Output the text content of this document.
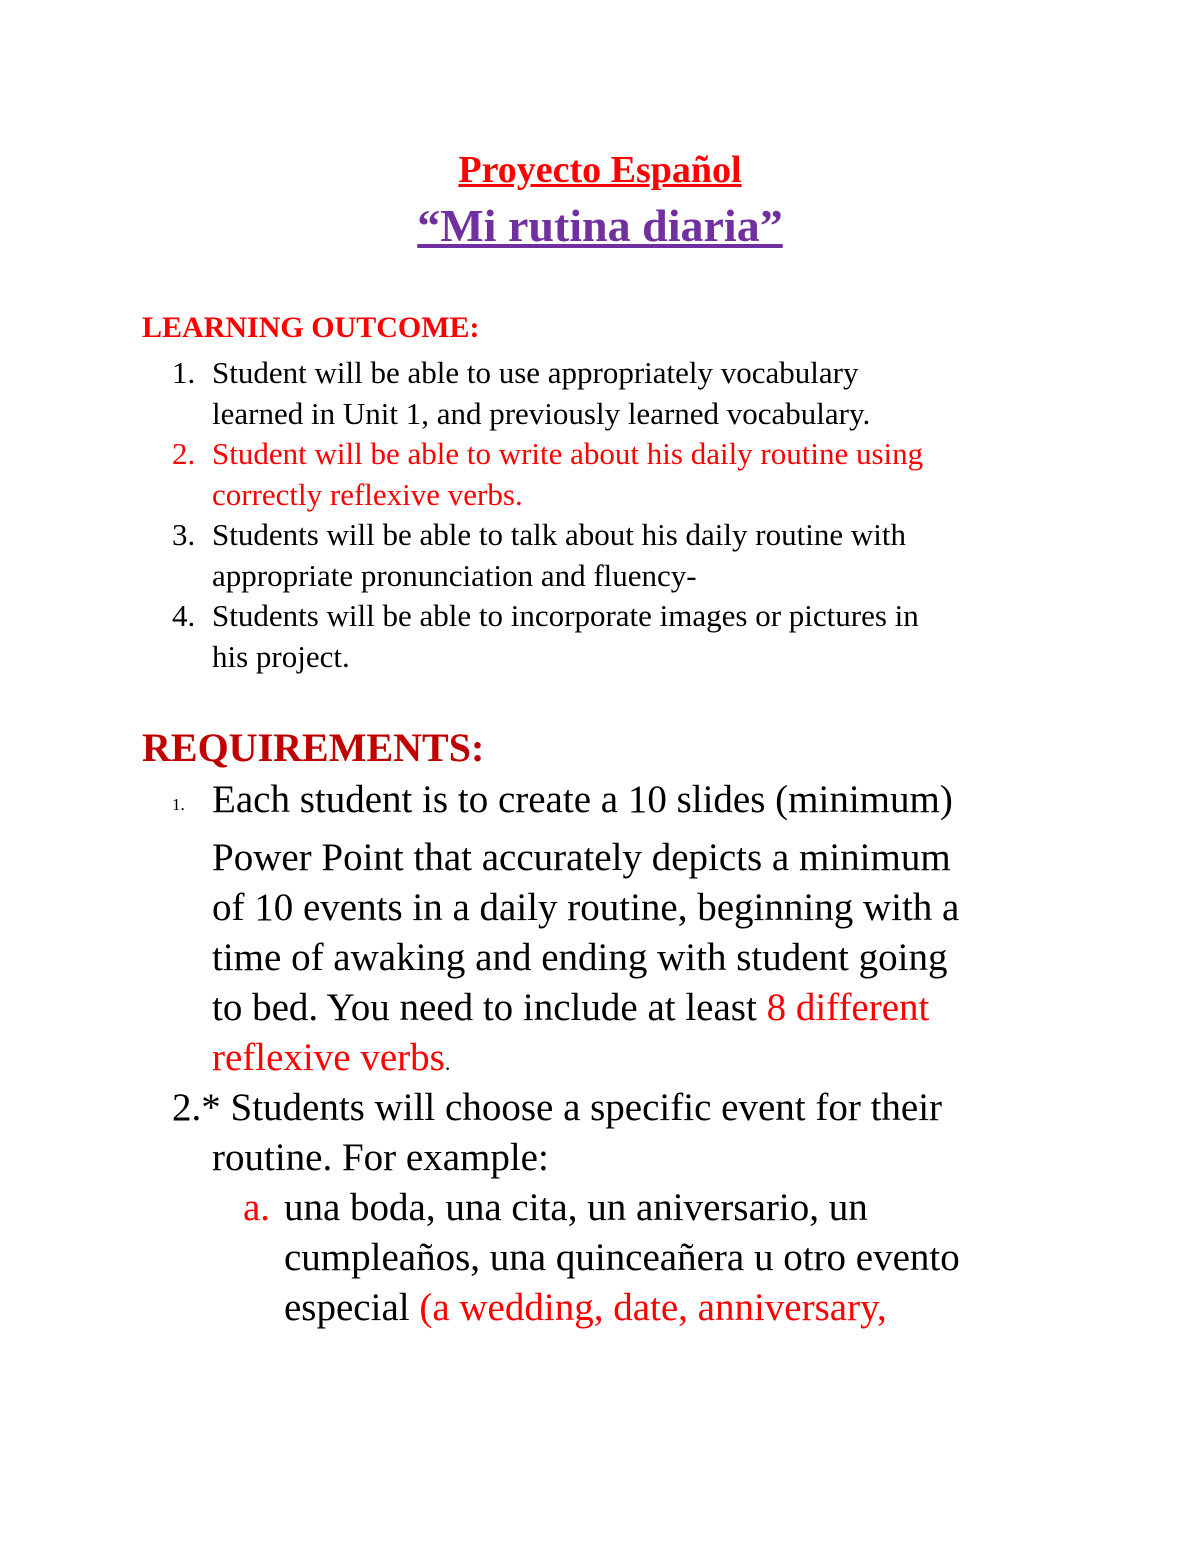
Proyecto Español
“Mi rutina diaria”
LEARNING OUTCOME:
1. Student will be able to use appropriately vocabulary
learned in Unit 1, and previously learned vocabulary.
2. Student will be able to write about his daily routine using
correctly reflexive verbs.
3. Students will be able to talk about his daily routine with
appropriate pronunciation and fluency-
4. Students will be able to incorporate images or pictures in
his project.
REQUIREMENTS:
1. Each student is to create a 10 slides (minimum)
Power Point that accurately depicts a minimum
of 10 events in a daily routine, beginning with a
time of awaking and ending with student going
to bed. You need to include at least 8 different
reflexive verbs.
2.* Students will choose a specific event for their
routine. For example:
a. una boda, una cita, un aniversario, un
cumpleaños, una quinceañera u otro evento
especial (a wedding, date, anniversary,
